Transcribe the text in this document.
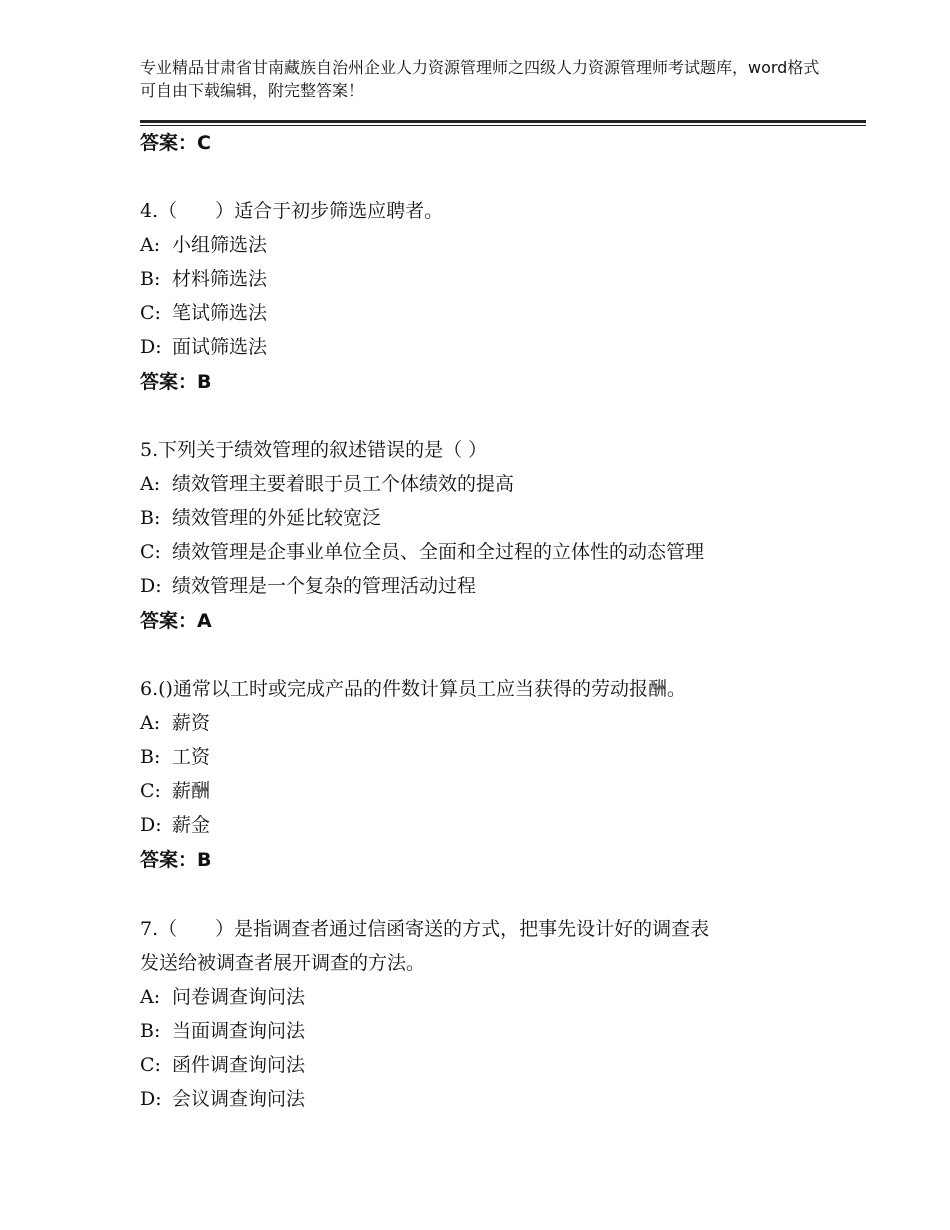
专业精品甘肃省甘南藏族自治州企业人力资源管理师之四级人力资源管理师考试题库，word格式可自由下载编辑，附完整答案！
答案：C
4.（　　）适合于初步筛选应聘者。
A: 小组筛选法
B: 材料筛选法
C: 笔试筛选法
D: 面试筛选法
答案：B
5.下列关于绩效管理的叙述错误的是（ ）
A: 绩效管理主要着眼于员工个体绩效的提高
B: 绩效管理的外延比较宽泛
C: 绩效管理是企事业单位全员、全面和全过程的立体性的动态管理
D: 绩效管理是一个复杂的管理活动过程
答案：A
6.()通常以工时或完成产品的件数计算员工应当获得的劳动报酬。
A: 薪资
B: 工资
C: 薪酬
D: 薪金
答案：B
7.（　　）是指调查者通过信函寄送的方式，把事先设计好的调查表
发送给被调查者展开调查的方法。
A: 问卷调查询问法
B: 当面调查询问法
C: 函件调查询问法
D: 会议调查询问法
